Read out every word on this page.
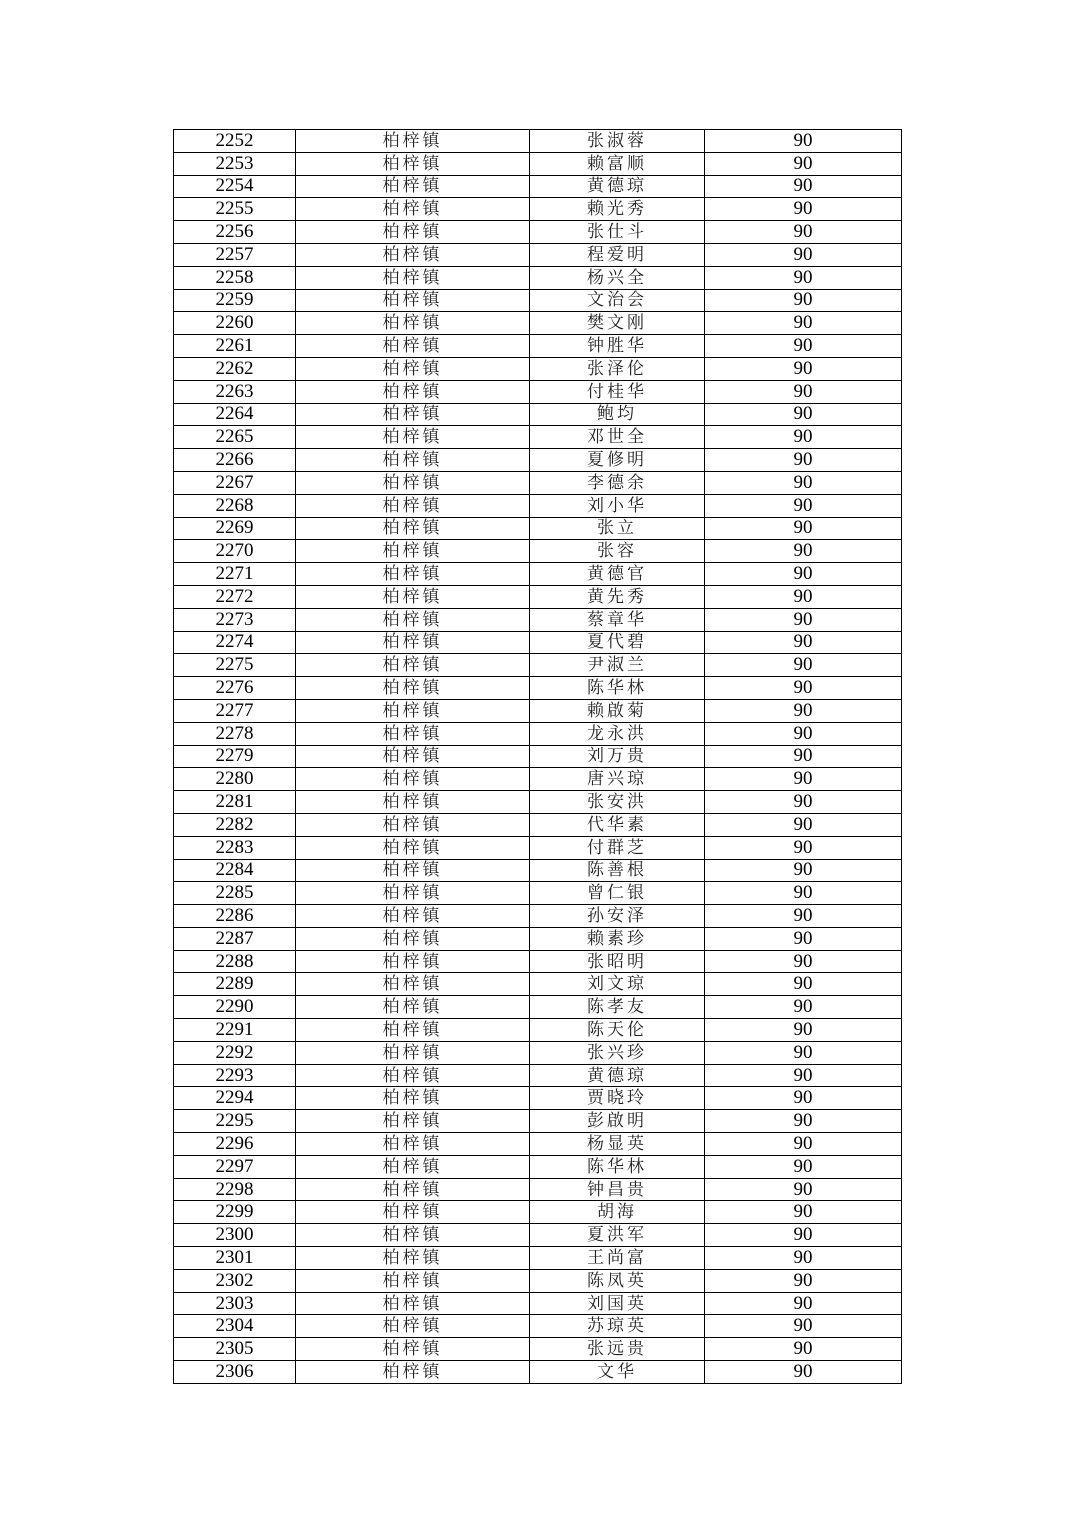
2252	柏梓镇	张淑蓉	90
2253	柏梓镇	赖富顺	90
2254	柏梓镇	黄德琼	90
2255	柏梓镇	赖光秀	90
2256	柏梓镇	张仕斗	90
2257	柏梓镇	程爱明	90
2258	柏梓镇	杨兴全	90
2259	柏梓镇	文治会	90
2260	柏梓镇	樊文刚	90
2261	柏梓镇	钟胜华	90
2262	柏梓镇	张泽伦	90
2263	柏梓镇	付桂华	90
2264	柏梓镇	鲍均	90
2265	柏梓镇	邓世全	90
2266	柏梓镇	夏修明	90
2267	柏梓镇	李德余	90
2268	柏梓镇	刘小华	90
2269	柏梓镇	张立	90
2270	柏梓镇	张容	90
2271	柏梓镇	黄德官	90
2272	柏梓镇	黄先秀	90
2273	柏梓镇	蔡章华	90
2274	柏梓镇	夏代碧	90
2275	柏梓镇	尹淑兰	90
2276	柏梓镇	陈华林	90
2277	柏梓镇	赖啟菊	90
2278	柏梓镇	龙永洪	90
2279	柏梓镇	刘万贵	90
2280	柏梓镇	唐兴琼	90
2281	柏梓镇	张安洪	90
2282	柏梓镇	代华素	90
2283	柏梓镇	付群芝	90
2284	柏梓镇	陈善根	90
2285	柏梓镇	曾仁银	90
2286	柏梓镇	孙安泽	90
2287	柏梓镇	赖素珍	90
2288	柏梓镇	张昭明	90
2289	柏梓镇	刘文琼	90
2290	柏梓镇	陈孝友	90
2291	柏梓镇	陈天伦	90
2292	柏梓镇	张兴珍	90
2293	柏梓镇	黄德琼	90
2294	柏梓镇	贾晓玲	90
2295	柏梓镇	彭啟明	90
2296	柏梓镇	杨显英	90
2297	柏梓镇	陈华林	90
2298	柏梓镇	钟昌贵	90
2299	柏梓镇	胡海	90
2300	柏梓镇	夏洪军	90
2301	柏梓镇	王尚富	90
2302	柏梓镇	陈凤英	90
2303	柏梓镇	刘国英	90
2304	柏梓镇	苏琼英	90
2305	柏梓镇	张远贵	90
2306	柏梓镇	文华	90
